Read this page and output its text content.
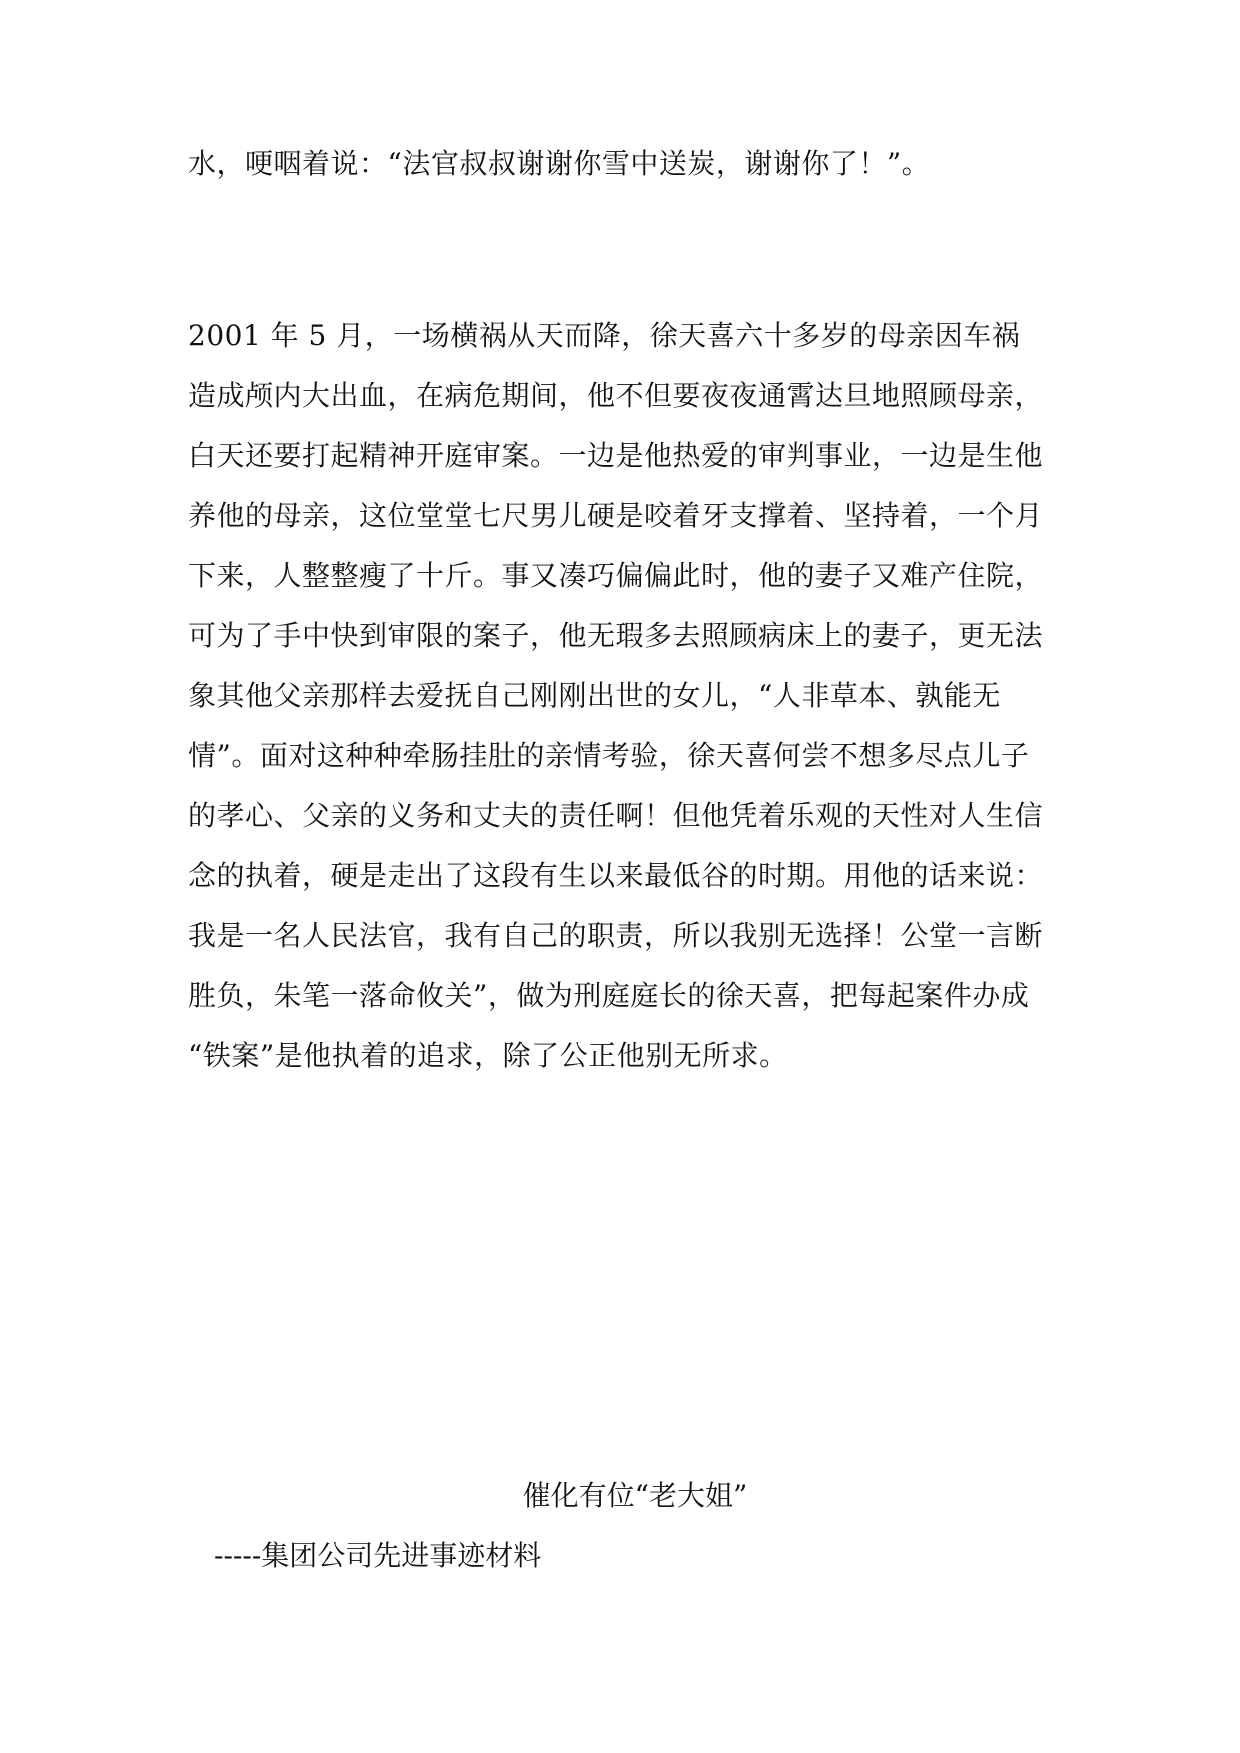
水，哽咽着说：“法官叔叔谢谢你雪中送炭，谢谢你了！”。
2001 年 5 月，一场横祸从天而降，徐天喜六十多岁的母亲因车祸
造成颅内大出血，在病危期间，他不但要夜夜通霄达旦地照顾母亲，
白天还要打起精神开庭审案。一边是他热爱的审判事业，一边是生他
养他的母亲，这位堂堂七尺男儿硬是咬着牙支撑着、坚持着，一个月
下来，人整整瘦了十斤。事又凑巧偏偏此时，他的妻子又难产住院，
可为了手中快到审限的案子，他无瑕多去照顾病床上的妻子，更无法
象其他父亲那样去爱抚自己刚刚出世的女儿，“人非草本、孰能无
情”。面对这种种牵肠挂肚的亲情考验，徐天喜何尝不想多尽点儿子
的孝心、父亲的义务和丈夫的责任啊！但他凭着乐观的天性对人生信
念的执着，硬是走出了这段有生以来最低谷的时期。用他的话来说：
我是一名人民法官，我有自己的职责，所以我别无选择！公堂一言断
胜负，朱笔一落命攸关”，做为刑庭庭长的徐天喜，把每起案件办成
“铁案”是他执着的追求，除了公正他别无所求。
催化有位“老大姐”
-----集团公司先进事迹材料
